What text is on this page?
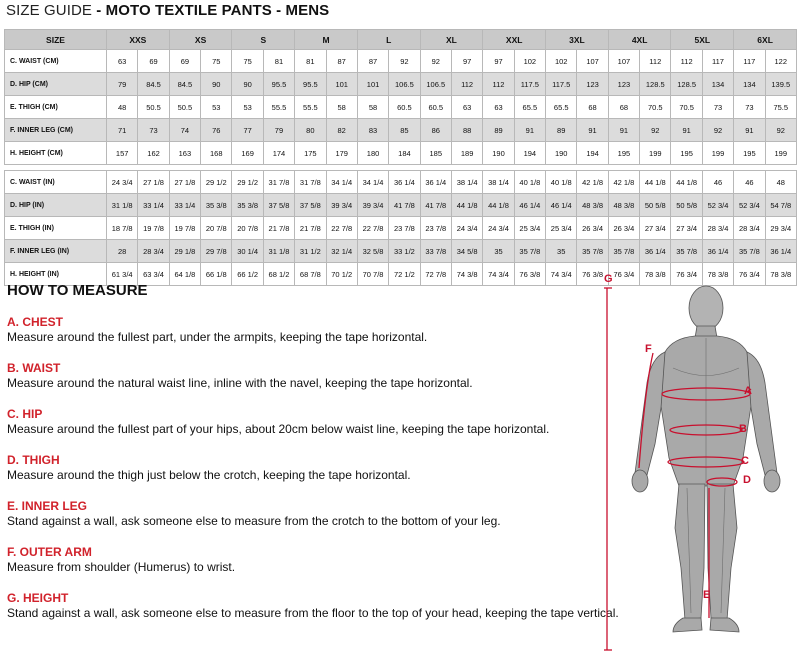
SIZE GUIDE - MOTO TEXTILE PANTS - MENS
SIZE	XXS		XS		S		M		L		XL		XXL		3XL		4XL		5XL		6XL	
C. WAIST (CM)	63	69	69	75	75	81	81	87	87	92	92	97	97	102	102	107	107	112	112	117	117	122
D. HIP (CM)	79	84.5	84.5	90	90	95.5	95.5	101	101	106.5	106.5	112	112	117.5	117.5	123	123	128.5	128.5	134	134	139.5
E. THIGH (CM)	48	50.5	50.5	53	53	55.5	55.5	58	58	60.5	60.5	63	63	65.5	65.5	68	68	70.5	70.5	73	73	75.5
F. INNER LEG (CM)	71	73	74	76	77	79	80	82	83	85	86	88	89	91	89	91	91	92	91	92	91	92
H. HEIGHT (CM)	157	162	163	168	169	174	175	179	180	184	185	189	190	194	190	194	195	199	195	199	195	199

C. WAIST (IN)	24 3/4	27 1/8	27 1/8	29 1/2	29 1/2	31 7/8	31 7/8	34 1/4	34 1/4	36 1/4	36 1/4	38 1/4	38 1/4	40 1/8	40 1/8	42 1/8	42 1/8	44 1/8	44 1/8	46	46	48
D. HIP (IN)	31 1/8	33 1/4	33 1/4	35 3/8	35 3/8	37 5/8	37 5/8	39 3/4	39 3/4	41 7/8	41 7/8	44 1/8	44 1/8	46 1/4	46 1/4	48 3/8	48 3/8	50 5/8	50 5/8	52 3/4	52 3/4	54 7/8
E. THIGH (IN)	18 7/8	19 7/8	19 7/8	20 7/8	20 7/8	21 7/8	21 7/8	22 7/8	22 7/8	23 7/8	23 7/8	24 3/4	24 3/4	25 3/4	25 3/4	26 3/4	26 3/4	27 3/4	27 3/4	28 3/4	28 3/4	29 3/4
F. INNER LEG (IN)	28	28 3/4	29 1/8	29 7/8	30 1/4	31 1/8	31 1/2	32 1/4	32 5/8	33 1/2	33 7/8	34 5/8	35	35 7/8	35	35 7/8	35 7/8	36 1/4	35 7/8	36 1/4	35 7/8	36 1/4
H. HEIGHT (IN)	61 3/4	63 3/4	64 1/8	66 1/8	66 1/2	68 1/2	68 7/8	70 1/2	70 7/8	72 1/2	72 7/8	74 3/8	74 3/4	76 3/8	74 3/4	76 3/8	76 3/4	78 3/8	76 3/4	78 3/8	76 3/4	78 3/8
HOW TO MEASURE
A. CHEST
Measure around the fullest part, under the armpits, keeping the tape horizontal.
B. WAIST
Measure around the natural waist line, inline with the navel, keeping the tape horizontal.
C. HIP
Measure around the fullest part of your hips, about 20cm below waist line, keeping the tape horizontal.
D. THIGH
Measure around the thigh just below the crotch, keeping the tape horizontal.
E. INNER LEG
Stand against a wall, ask someone else to measure from the crotch to the bottom of your leg.
F. OUTER ARM
Measure from shoulder (Humerus) to wrist.
G. HEIGHT
Stand against a wall, ask someone else to measure from the floor to the top of your head, keeping the tape vertical.
G
F
A
B
C
D
E
